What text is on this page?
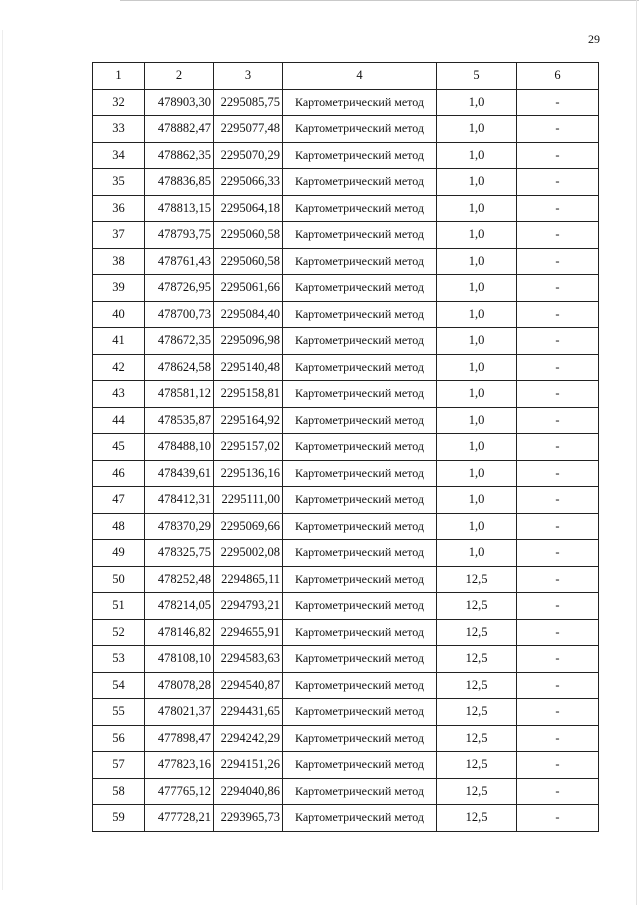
29
1	2	3	4	5	6
32	478903,30	2295085,75	Картометрический метод	1,0	-
33	478882,47	2295077,48	Картометрический метод	1,0	-
34	478862,35	2295070,29	Картометрический метод	1,0	-
35	478836,85	2295066,33	Картометрический метод	1,0	-
36	478813,15	2295064,18	Картометрический метод	1,0	-
37	478793,75	2295060,58	Картометрический метод	1,0	-
38	478761,43	2295060,58	Картометрический метод	1,0	-
39	478726,95	2295061,66	Картометрический метод	1,0	-
40	478700,73	2295084,40	Картометрический метод	1,0	-
41	478672,35	2295096,98	Картометрический метод	1,0	-
42	478624,58	2295140,48	Картометрический метод	1,0	-
43	478581,12	2295158,81	Картометрический метод	1,0	-
44	478535,87	2295164,92	Картометрический метод	1,0	-
45	478488,10	2295157,02	Картометрический метод	1,0	-
46	478439,61	2295136,16	Картометрический метод	1,0	-
47	478412,31	2295111,00	Картометрический метод	1,0	-
48	478370,29	2295069,66	Картометрический метод	1,0	-
49	478325,75	2295002,08	Картометрический метод	1,0	-
50	478252,48	2294865,11	Картометрический метод	12,5	-
51	478214,05	2294793,21	Картометрический метод	12,5	-
52	478146,82	2294655,91	Картометрический метод	12,5	-
53	478108,10	2294583,63	Картометрический метод	12,5	-
54	478078,28	2294540,87	Картометрический метод	12,5	-
55	478021,37	2294431,65	Картометрический метод	12,5	-
56	477898,47	2294242,29	Картометрический метод	12,5	-
57	477823,16	2294151,26	Картометрический метод	12,5	-
58	477765,12	2294040,86	Картометрический метод	12,5	-
59	477728,21	2293965,73	Картометрический метод	12,5	-
